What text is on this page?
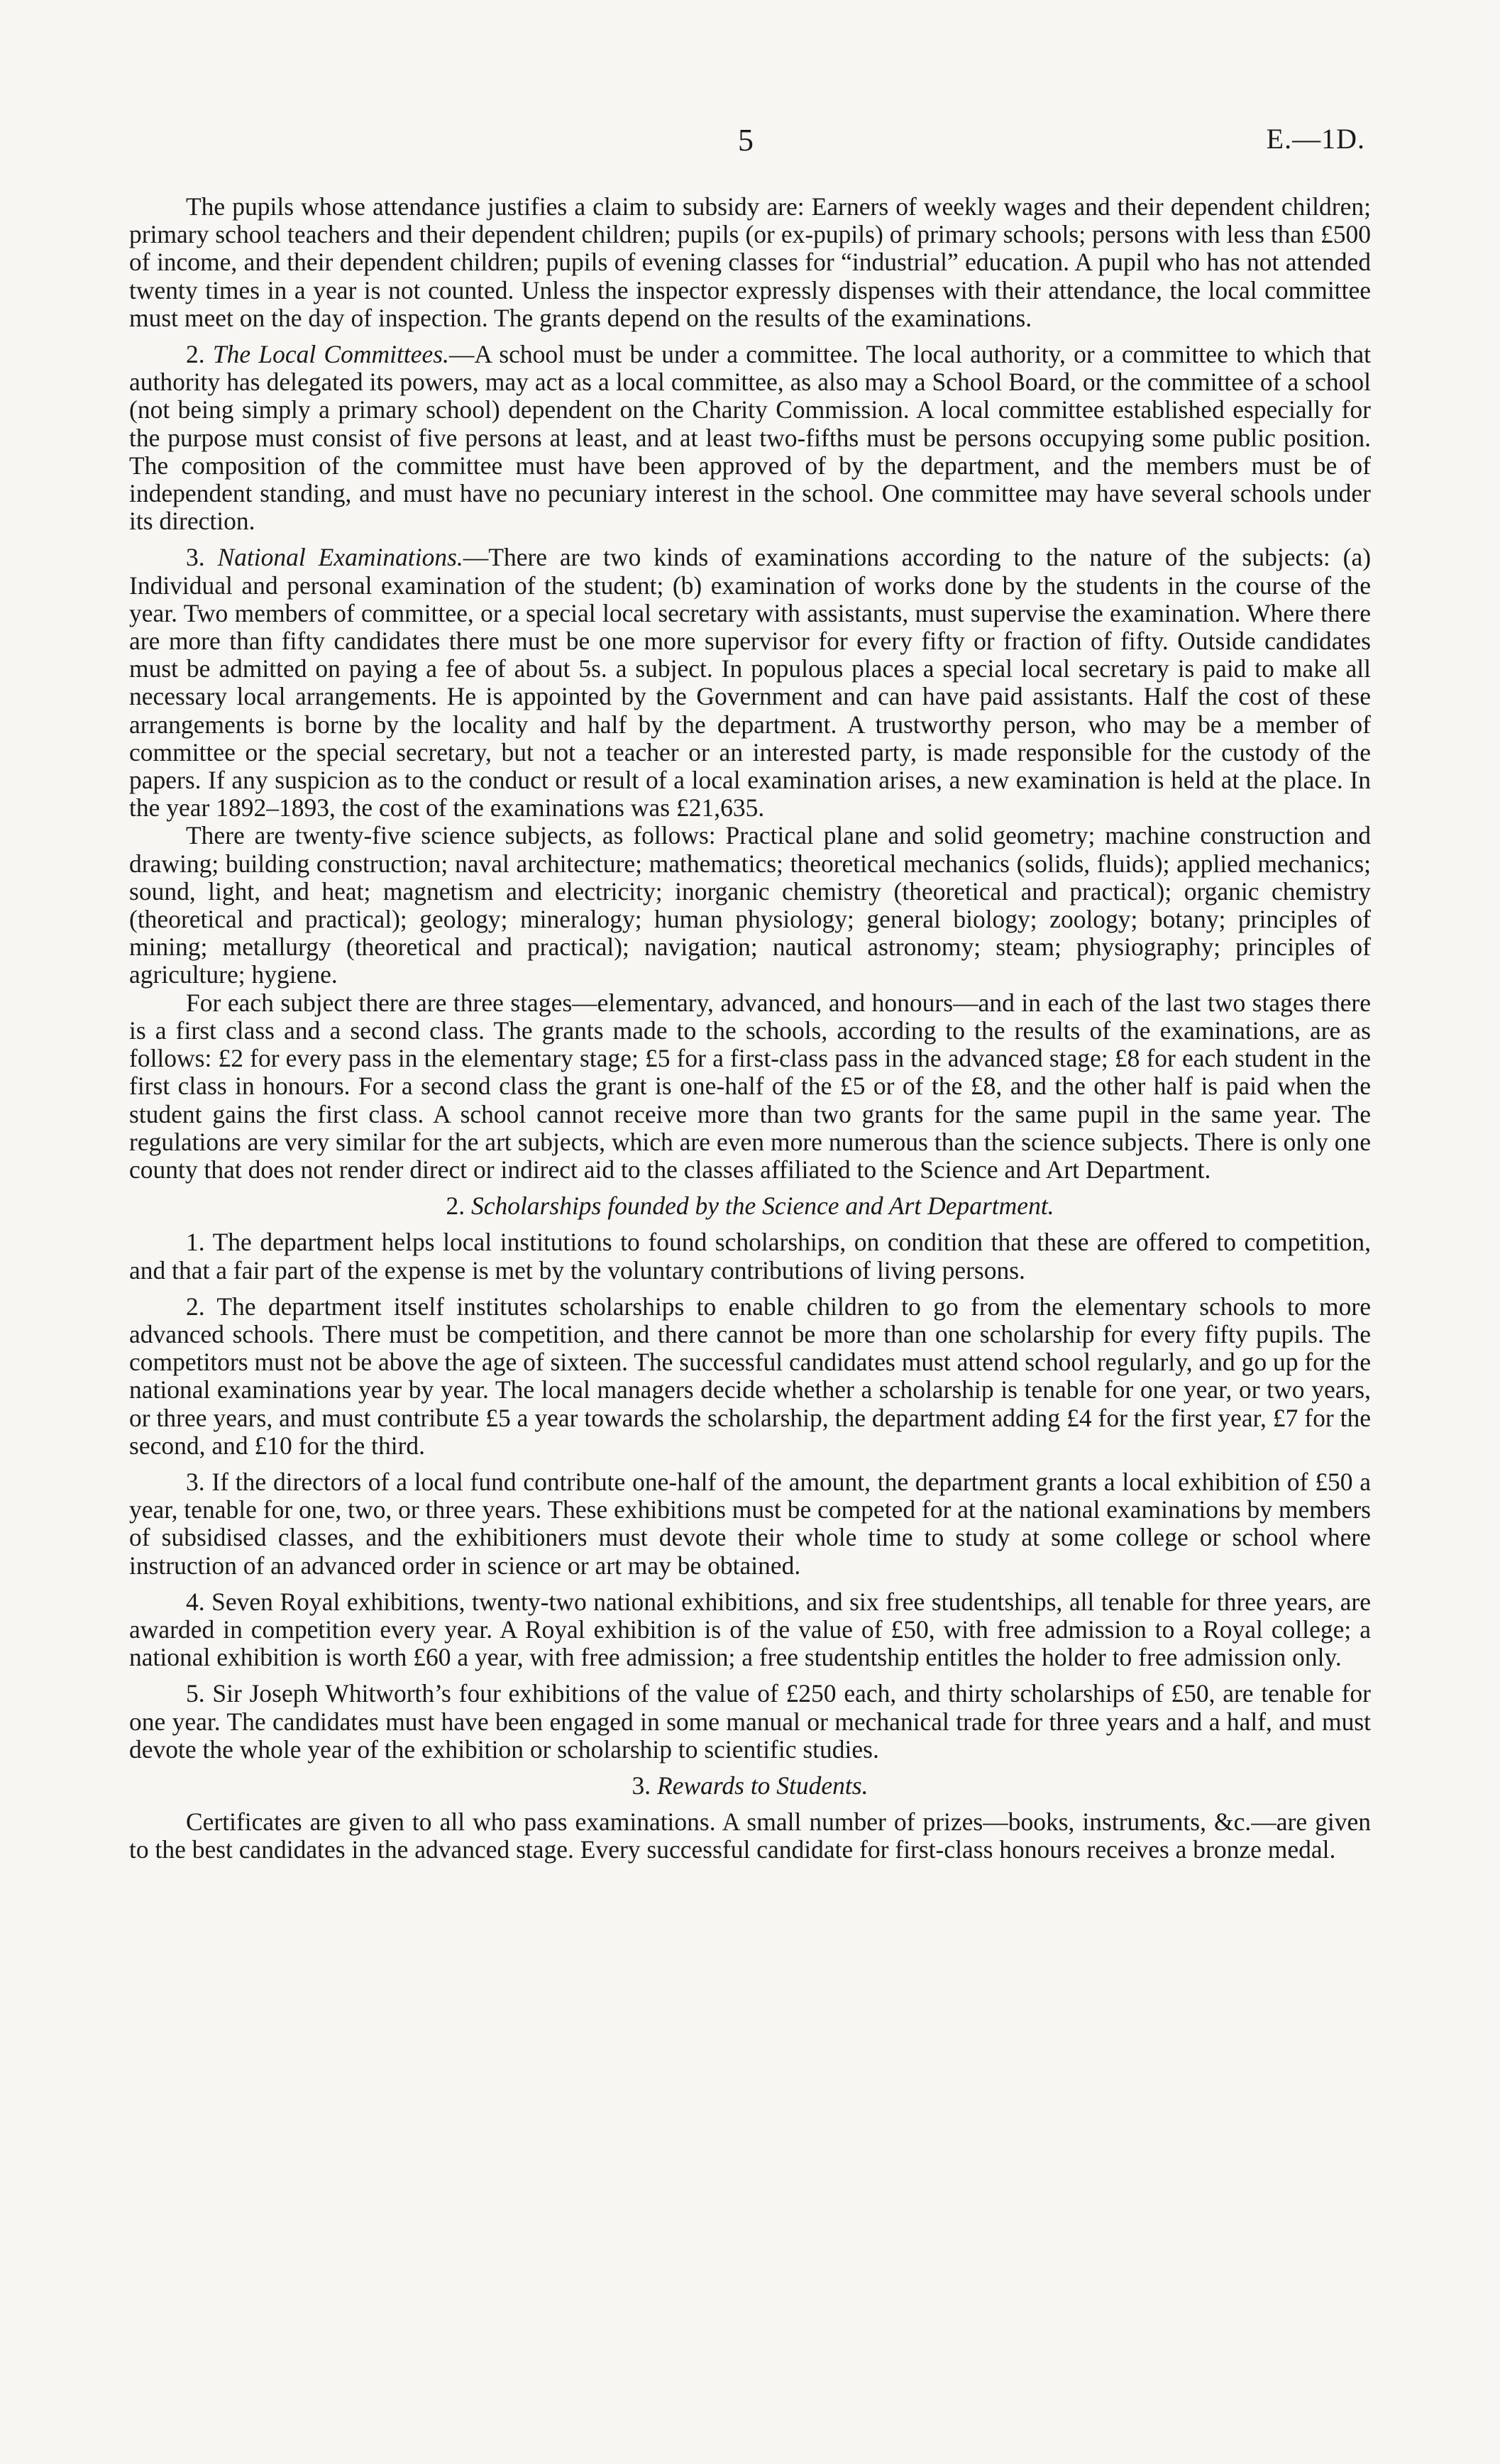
5	E.—1D.

The pupils whose attendance justifies a claim to subsidy are: Earners of weekly wages and their dependent children; primary school teachers and their dependent children; pupils (or ex-pupils) of primary schools; persons with less than £500 of income, and their dependent children; pupils of evening classes for “industrial” education. A pupil who has not attended twenty times in a year is not counted. Unless the inspector expressly dispenses with their attendance, the local committee must meet on the day of inspection. The grants depend on the results of the examinations.

2. The Local Committees.—A school must be under a committee. The local authority, or a committee to which that authority has delegated its powers, may act as a local committee, as also may a School Board, or the committee of a school (not being simply a primary school) dependent on the Charity Commission. A local committee established especially for the purpose must consist of five persons at least, and at least two-fifths must be persons occupying some public position. The composition of the committee must have been approved of by the department, and the members must be of independent standing, and must have no pecuniary interest in the school. One committee may have several schools under its direction.

3. National Examinations.—There are two kinds of examinations according to the nature of the subjects: (a) Individual and personal examination of the student; (b) examination of works done by the students in the course of the year. Two members of committee, or a special local secretary with assistants, must supervise the examination. Where there are more than fifty candidates there must be one more supervisor for every fifty or fraction of fifty. Outside candidates must be admitted on paying a fee of about 5s. a subject. In populous places a special local secretary is paid to make all necessary local arrangements. He is appointed by the Government and can have paid assistants. Half the cost of these arrangements is borne by the locality and half by the department. A trustworthy person, who may be a member of committee or the special secretary, but not a teacher or an interested party, is made responsible for the custody of the papers. If any suspicion as to the conduct or result of a local examination arises, a new examination is held at the place. In the year 1892–1893, the cost of the examinations was £21,635.

There are twenty-five science subjects, as follows: Practical plane and solid geometry; machine construction and drawing; building construction; naval architecture; mathematics; theoretical mechanics (solids, fluids); applied mechanics; sound, light, and heat; magnetism and electricity; inorganic chemistry (theoretical and practical); organic chemistry (theoretical and practical); geology; mineralogy; human physiology; general biology; zoology; botany; principles of mining; metallurgy (theoretical and practical); navigation; nautical astronomy; steam; physiography; principles of agriculture; hygiene.

For each subject there are three stages—elementary, advanced, and honours—and in each of the last two stages there is a first class and a second class. The grants made to the schools, according to the results of the examinations, are as follows: £2 for every pass in the elementary stage; £5 for a first-class pass in the advanced stage; £8 for each student in the first class in honours. For a second class the grant is one-half of the £5 or of the £8, and the other half is paid when the student gains the first class. A school cannot receive more than two grants for the same pupil in the same year. The regulations are very similar for the art subjects, which are even more numerous than the science subjects. There is only one county that does not render direct or indirect aid to the classes affiliated to the Science and Art Department.

2. Scholarships founded by the Science and Art Department.

1. The department helps local institutions to found scholarships, on condition that these are offered to competition, and that a fair part of the expense is met by the voluntary contributions of living persons.

2. The department itself institutes scholarships to enable children to go from the elementary schools to more advanced schools. There must be competition, and there cannot be more than one scholarship for every fifty pupils. The competitors must not be above the age of sixteen. The successful candidates must attend school regularly, and go up for the national examinations year by year. The local managers decide whether a scholarship is tenable for one year, or two years, or three years, and must contribute £5 a year towards the scholarship, the department adding £4 for the first year, £7 for the second, and £10 for the third.

3. If the directors of a local fund contribute one-half of the amount, the department grants a local exhibition of £50 a year, tenable for one, two, or three years. These exhibitions must be competed for at the national examinations by members of subsidised classes, and the exhibitioners must devote their whole time to study at some college or school where instruction of an advanced order in science or art may be obtained.

4. Seven Royal exhibitions, twenty-two national exhibitions, and six free studentships, all tenable for three years, are awarded in competition every year. A Royal exhibition is of the value of £50, with free admission to a Royal college; a national exhibition is worth £60 a year, with free admission; a free studentship entitles the holder to free admission only.

5. Sir Joseph Whitworth’s four exhibitions of the value of £250 each, and thirty scholarships of £50, are tenable for one year. The candidates must have been engaged in some manual or mechanical trade for three years and a half, and must devote the whole year of the exhibition or scholarship to scientific studies.

3. Rewards to Students.

Certificates are given to all who pass examinations. A small number of prizes—books, instruments, &c.—are given to the best candidates in the advanced stage. Every successful candidate for first-class honours receives a bronze medal.
